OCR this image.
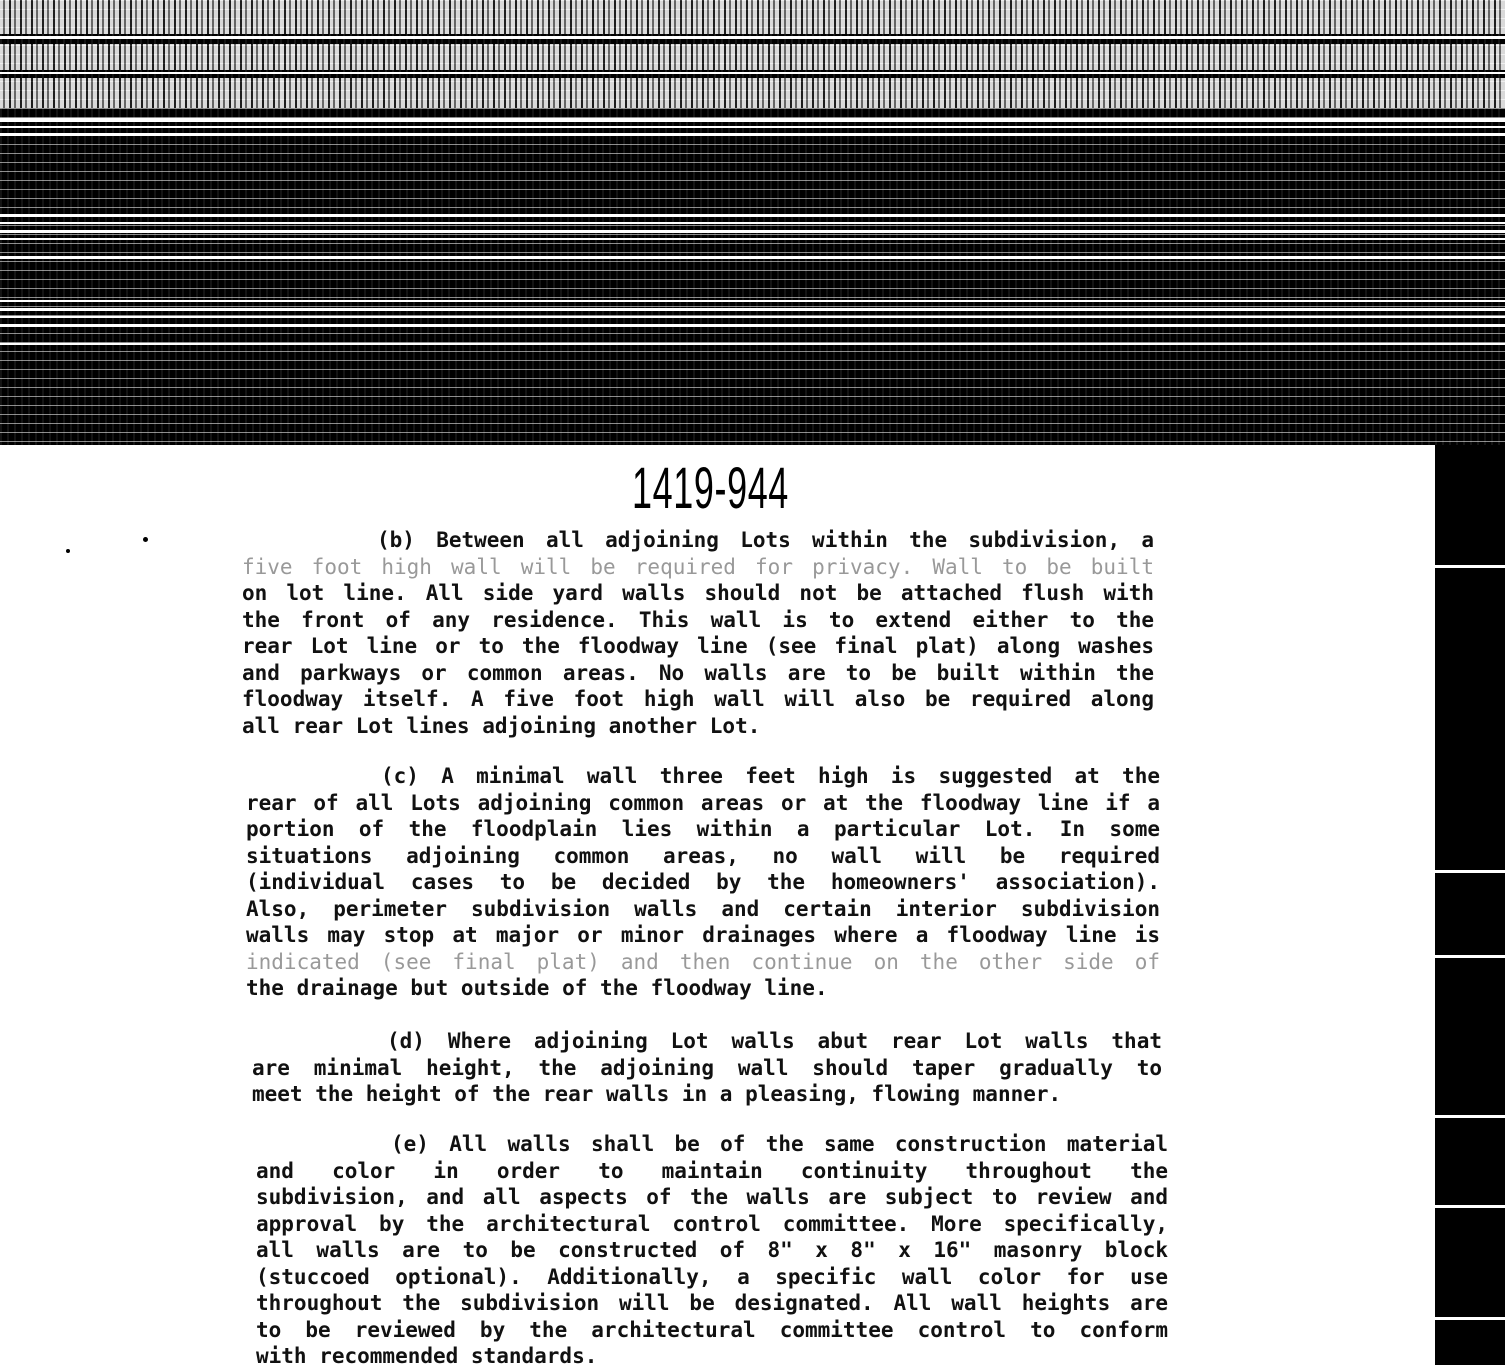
1419-944
(b) Between all adjoining Lots within the subdivision, a
five foot high wall will be required for privacy. Wall to be built
on lot line. All side yard walls should not be attached flush with
the front of any residence. This wall is to extend either to the
rear Lot line or to the floodway line (see final plat) along washes
and parkways or common areas. No walls are to be built within the
floodway itself. A five foot high wall will also be required along
all rear Lot lines adjoining another Lot.
(c) A minimal wall three feet high is suggested at the
rear of all Lots adjoining common areas or at the floodway line if a
portion of the floodplain lies within a particular Lot. In some
situations adjoining common areas, no wall will be required
(individual cases to be decided by the homeowners' association).
Also, perimeter subdivision walls and certain interior subdivision
walls may stop at major or minor drainages where a floodway line is
indicated (see final plat) and then continue on the other side of
the drainage but outside of the floodway line.
(d) Where adjoining Lot walls abut rear Lot walls that
are minimal height, the adjoining wall should taper gradually to
meet the height of the rear walls in a pleasing, flowing manner.
(e) All walls shall be of the same construction material
and color in order to maintain continuity throughout the
subdivision, and all aspects of the walls are subject to review and
approval by the architectural control committee. More specifically,
all walls are to be constructed of 8" x 8" x 16" masonry block
(stuccoed optional). Additionally, a specific wall color for use
throughout the subdivision will be designated. All wall heights are
to be reviewed by the architectural committee control to conform
with recommended standards.
